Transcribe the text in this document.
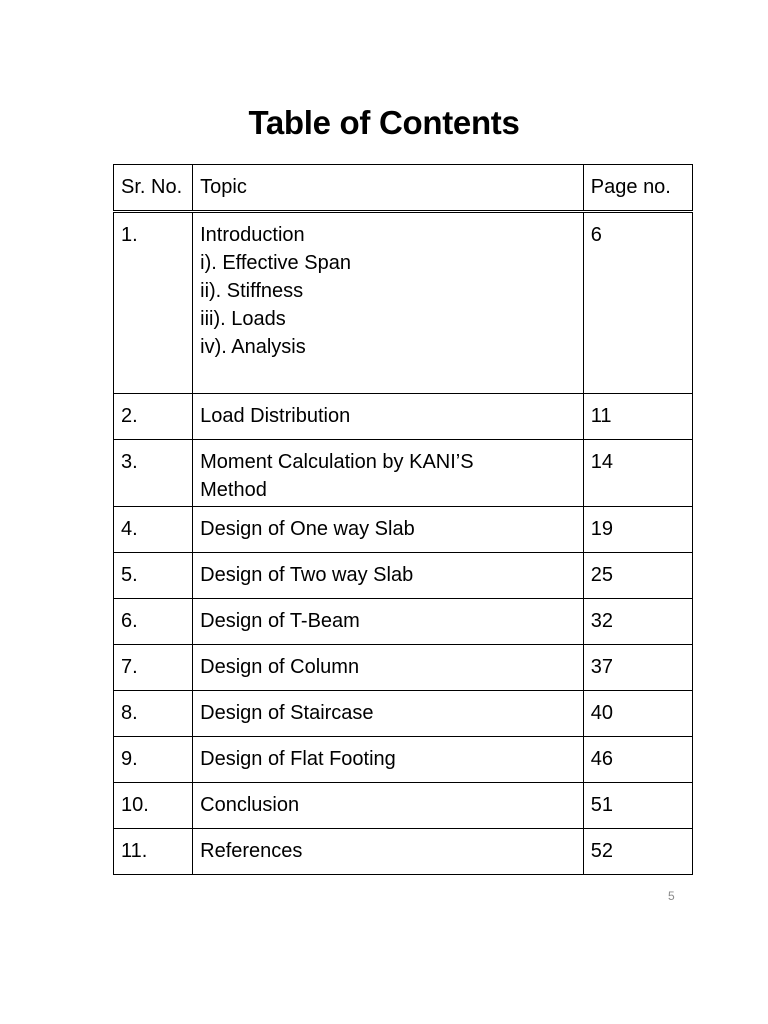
Table of Contents
Sr. No.	Topic	Page no.
1.	Introduction
i). Effective Span
ii). Stiffness
iii). Loads
iv). Analysis	6
2.	Load Distribution	11
3.	Moment Calculation by KANI’S
Method	14
4.	Design of One way Slab	19
5.	Design of Two way Slab	25
6.	Design of T-Beam	32
7.	Design of Column	37
8.	Design of Staircase	40
9.	Design of Flat Footing	46
10.	Conclusion	51
11.	References	52
5
